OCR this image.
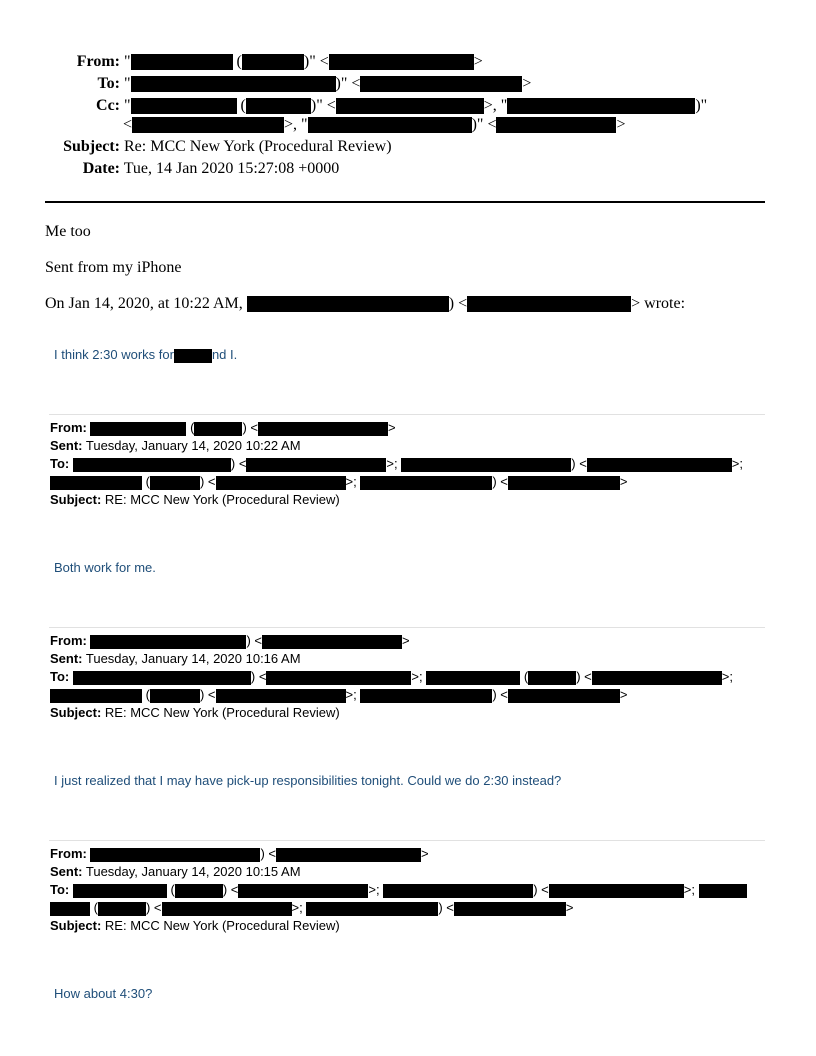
From: "	(	)" <	>
To: "	)" <	>
Cc: "	(	)" <	>, "	)"
<	>, "	)" <	>
Subject: Re: MCC New York (Procedural Review)
Date: Tue, 14 Jan 2020 15:27:08 +0000
Me too
Sent from my iPhone
On Jan 14, 2020, at 10:22 AM,	) <	> wrote:
I think 2:30 works for	nd I.
From:	(	) <	>
Sent: Tuesday, January 14, 2020 10:22 AM
To:	) <	>;	) <	>;
(	) <	>;	) <	>
Subject: RE: MCC New York (Procedural Review)
Both work for me.
From:	) <	>
Sent: Tuesday, January 14, 2020 10:16 AM
To:	) <	>;	(	) <	>;
(	) <	>;	) <	>
Subject: RE: MCC New York (Procedural Review)
I just realized that I may have pick-up responsibilities tonight. Could we do 2:30 instead?
From:	) <	>
Sent: Tuesday, January 14, 2020 10:15 AM
To:	(	) <	>;	) <	>;
(	) <	>;	) <	>
Subject: RE: MCC New York (Procedural Review)
How about 4:30?
